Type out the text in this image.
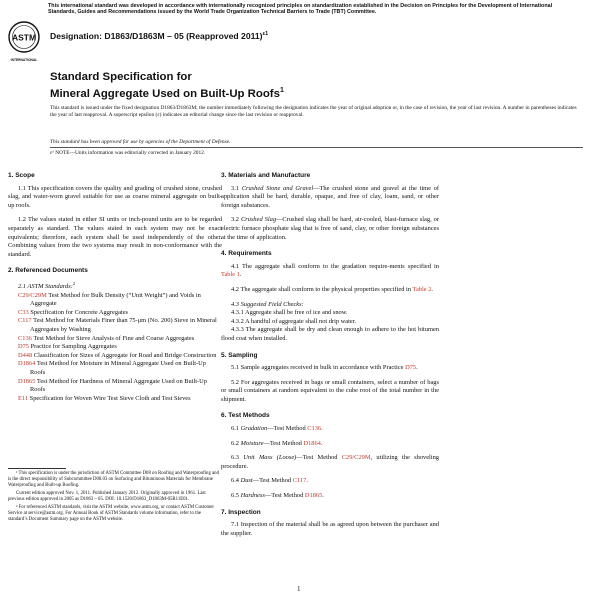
This international standard was developed in accordance with internationally recognized principles on standardization established in the Decision on Principles for the Development of International Standards, Guides and Recommendations issued by the World Trade Organization Technical Barriers to Trade (TBT) Committee.
ASTM
INTERNATIONAL
Designation: D1863/D1863M – 05 (Reapproved 2011)$^{\varepsilon 1}$
Standard Specification for
Mineral Aggregate Used on Built-Up Roofs$^1$
This standard is issued under the fixed designation D1863/D1863M; the number immediately following the designation indicates the year of original adoption or, in the case of revision, the year of last revision. A number in parentheses indicates the year of last reapproval. A superscript epsilon (ε) indicates an editorial change since the last revision or reapproval.
This standard has been approved for use by agencies of the Department of Defense.
ε¹ NOTE—Units information was editorially corrected in January 2012.
1. Scope

1.1 This specification covers the quality and grading of crushed stone, crushed slag, and water-worn gravel suitable for use as coarse mineral aggregate on built-up roofs.

1.2 The values stated in either SI units or inch-pound units are to be regarded separately as standard. The values stated in each system may not be exact equivalents; therefore, each system shall be used independently of the other. Combining values from the two systems may result in non-conformance with the standard.

2. Referenced Documents

2.1 ASTM Standards:$^2$

C29/C29M Test Method for Bulk Density (“Unit Weight”) and Voids in Aggregate
C33 Specification for Concrete Aggregates
C117 Test Method for Materials Finer than 75-μm (No. 200) Sieve in Mineral Aggregates by Washing
C136 Test Method for Sieve Analysis of Fine and Coarse Aggregates
D75 Practice for Sampling Aggregates
D448 Classification for Sizes of Aggregate for Road and Bridge Construction
D1864 Test Method for Moisture in Mineral Aggregate Used on Built-Up Roofs
D1865 Test Method for Hardness of Mineral Aggregate Used on Built-Up Roofs
E11 Specification for Woven Wire Test Sieve Cloth and Test Sieves
3. Materials and Manufacture

3.1 Crushed Stone and Gravel—The crushed stone and gravel at the time of application shall be hard, durable, opaque, and free of clay, loam, sand, or other foreign substances.

3.2 Crushed Slag—Crushed slag shall be hard, air-cooled, blast-furnace slag, or electric furnace phosphate slag that is free of sand, clay, or other foreign substances at the time of application.

4. Requirements

4.1 The aggregate shall conform to the gradation require-ments specified in Table 1.

4.2 The aggregate shall conform to the physical properties specified in Table 2.

4.3 Suggested Field Checks:

4.3.1 Aggregate shall be free of ice and snow.

4.3.2 A handful of aggregate shall not drip water.

4.3.3 The aggregate shall be dry and clean enough to adhere to the hot bitumen flood coat when installed.

5. Sampling

5.1 Sample aggregates received in bulk in accordance with Practice D75.

5.2 For aggregates received in bags or small containers, select a number of bags or small containers at random equivalent to the cube root of the total number in the shipment.

6. Test Methods

6.1 Gradation—Test Method C136.

6.2 Moisture—Test Method D1864.

6.3 Unit Mass (Loose)—Test Method C29/C29M, utilizing the shoveling procedure.

6.4 Dust—Test Method C117.

6.5 Hardness—Test Method D1865.

7. Inspection

7.1 Inspection of the material shall be as agreed upon between the purchaser and the supplier.

¹ This specification is under the jurisdiction of ASTM Committee D08 on Roofing and Waterproofing and is the direct responsibility of Subcommittee D08.03 on Surfacing and Bituminous Materials for Membrane Waterproofing and Built-up Roofing.

Current edition approved Nov. 1, 2011. Published January 2012. Originally approved in 1961. Last previous edition approved in 2005 as D1863 – 05. DOI: 10.1520/D1863_D1863M-05R11E01.

² For referenced ASTM standards, visit the ASTM website, www.astm.org, or contact ASTM Customer Service at service@astm.org. For Annual Book of ASTM Standards volume information, refer to the standard’s Document Summary page on the ASTM website.

1
